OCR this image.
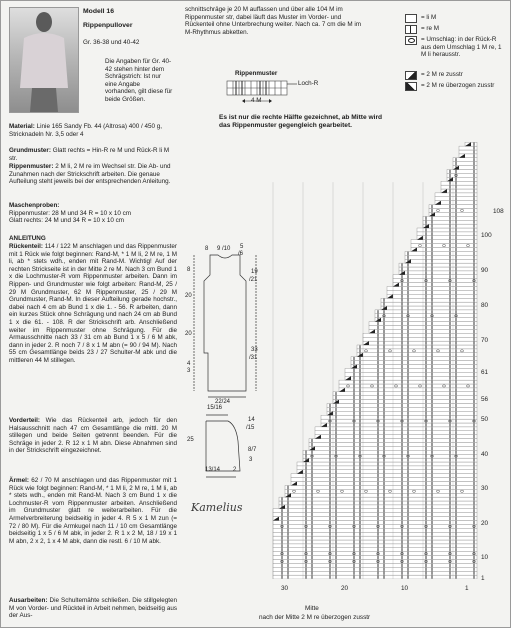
Modell 16
Rippenpullover
Gr. 36-38 und 40-42
Die Angaben für Gr. 40-42 stehen hinter dem Schrägstrich: Ist nur eine Angabe vorhanden, gilt diese für beide Größen.
Material: Linie 165 Sandy Fb. 44 (Altrosa) 400 / 450 g, Stricknadeln Nr. 3,5 oder 4
Grundmuster: Glatt rechts = Hin-R re M und Rück-R li M str.
Rippenmuster: 2 M li, 2 M re im Wechsel str. Die Ab- und Zunahmen nach der Strickschrift arbeiten. Die genaue Aufteilung steht jeweils bei der entsprechenden Anleitung.
Maschenproben:
Rippenmuster: 28 M und 34 R = 10 x 10 cm
Glatt rechts: 24 M und 34 R = 10 x 10 cm
ANLEITUNG
Rückenteil: 114 / 122 M anschlagen und das Rippenmuster mit 1 Rück wie folgt beginnen: Rand-M, * 1 M li, 2 M re, 1 M li, ab * stets wdh., enden mit Rand-M. Wichtig! Auf der rechten Strickseite ist in der Mitte 2 re M. Nach 3 cm Bund 1 x die Lochmuster-R vom Rippenmuster arbeiten. Dann im Rippen- und Grundmuster wie folgt arbeiten: Rand-M, 25 / 29 M Grundmuster, 62 M Rippenmuster, 25 / 29 M Grundmuster, Rand-M. In dieser Aufteilung gerade hochstr., dabei nach 4 cm ab Bund 1 x die 1. - 56. R arbeiten, dann ein kurzes Stück ohne Schrägung und nach 24 cm ab Bund 1 x die 61. - 108. R der Strickschrift arb. Anschließend weiter im Rippenmuster ohne Schrägung. Für die Armausschnitte nach 33 / 31 cm ab Bund 1 x 5 / 6 M abk, dann in jeder 2. R noch 7 / 8 x 1 M abn (= 90 / 94 M). Nach 55 cm Gesamtlänge beids 23 / 27 Schulter-M abk und die mittleren 44 M stillegen.
Vorderteil: Wie das Rückenteil arb, jedoch für den Halsausschnitt nach 47 cm Gesamtlänge die mittl. 20 M stillegen und beide Seiten getrennt beenden. Für die Schräge in jeder 2. R 12 x 1 M abn. Diese Abnahmen sind in der Strickschrift eingezeichnet.
Ärmel: 62 / 70 M anschlagen und das Rippenmuster mit 1 Rück wie folgt beginnen: Rand-M, * 1 M li, 2 M re, 1 M li, ab * stets wdh., enden mit Rand-M. Nach 3 cm Bund 1 x die Lochmuster-R vom Rippenmuster arbeiten. Anschließend im Grundmuster glatt re weiterarbeiten. Für die Armelverbreiterung beidseitig in jeder 4. R 5 x 1 M zun (= 72 / 80 M). Für die Armkugel nach 11 / 10 cm Gesamtlänge beidseitig 1 x 5 / 6 M abk, in jeder 2. R 1 x 2 M, 18 / 19 x 1 M abn, 2 x 2, 1 x 4 M abk, dann die restl. 6 / 10 M abk.
Ausarbeiten: Die Schultemähte schließen. Die stillgelegten M von Vorder- und Rückteil in Arbeit nehmen, beidseitig aus der Aus-
schnittschräge je 20 M auffassen und über alle 104 M im Rippenmuster str, dabei läuft das Muster im Vorder- und Rückenteil ohne Unterbrechung weiter. Nach ca. 7 cm die M im M-Rhythmus abketten.
= li M
= re M
= Umschlag: in der Rück-R aus dem Umschlag 1 M re, 1 M li herausstr.
= 2 M re zusstr
= 2 M re überzogen zusstr
Rippenmuster
Loch-R
4 M
Es ist nur die rechte Hälfte gezeichnet, ab Mitte wird das Rippenmuster gegengleich gearbeitet.
8 9 /10 5
/6
8
20
20
19
/21
33
/31
4
3
22/24
15/16
25
14
/15
8/7
3
13/14 2
Kamelius
108
100
90
80
70
61
56
50
40
30
20
10
1
30	20	10	1
Mitte
nach der Mitte 2 M re überzogen zusstr
